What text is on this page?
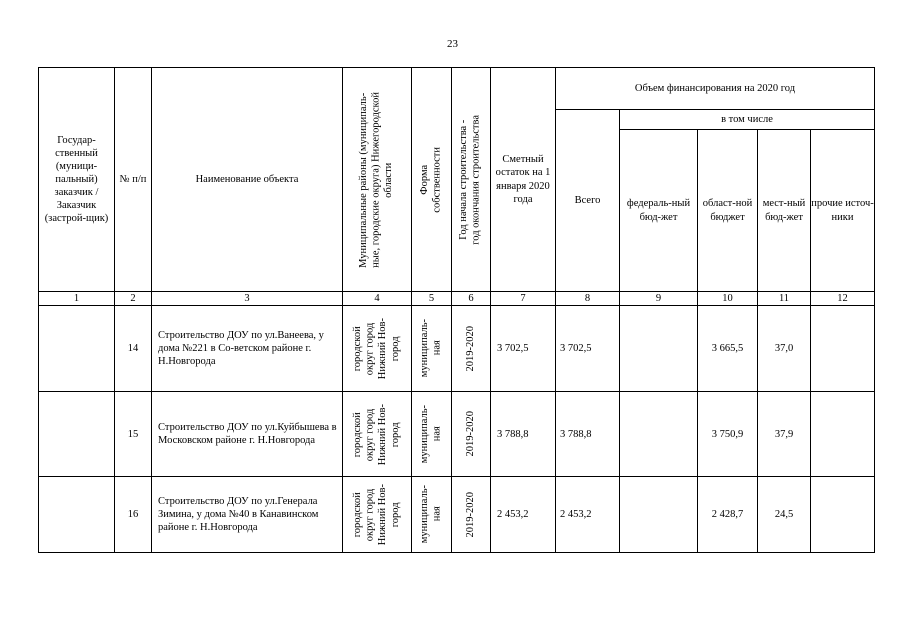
23
Государ-ственный (муници-пальный) заказчик / Заказчик (застрой-щик)	№ п/п	Наименование объекта	Муниципальные районы (муниципаль- ные, городские округа) Нижегородской области	Форма собственности	Год начала строительства - год окончания строительства	Сметный остаток на 1 января 2020 года	Объем финансирования на 2020 год				
							Всего	в том числе			
								федераль-ный бюд-жет	област-ной бюджет	мест-ный бюд-жет	прочие источ-ники
1	2	3	4	5	6	7	8	9	10	11	12
	14	Строительство ДОУ по ул.Ванеева, у дома №221 в Со-ветском районе г. Н.Новгорода	городской округ город Нижний Нов- город	муниципаль- ная	2019-2020	3 702,5	3 702,5		3 665,5	37,0	
	15	Строительство ДОУ по ул.Куйбышева в Московском районе г. Н.Новгорода	городской округ город Нижний Нов- город	муниципаль- ная	2019-2020	3 788,8	3 788,8		3 750,9	37,9	
	16	Строительство ДОУ по ул.Генерала Зимина, у дома №40 в Канавинском районе г. Н.Новгорода	городской округ город Нижний Нов- город	муниципаль- ная	2019-2020	2 453,2	2 453,2		2 428,7	24,5	
